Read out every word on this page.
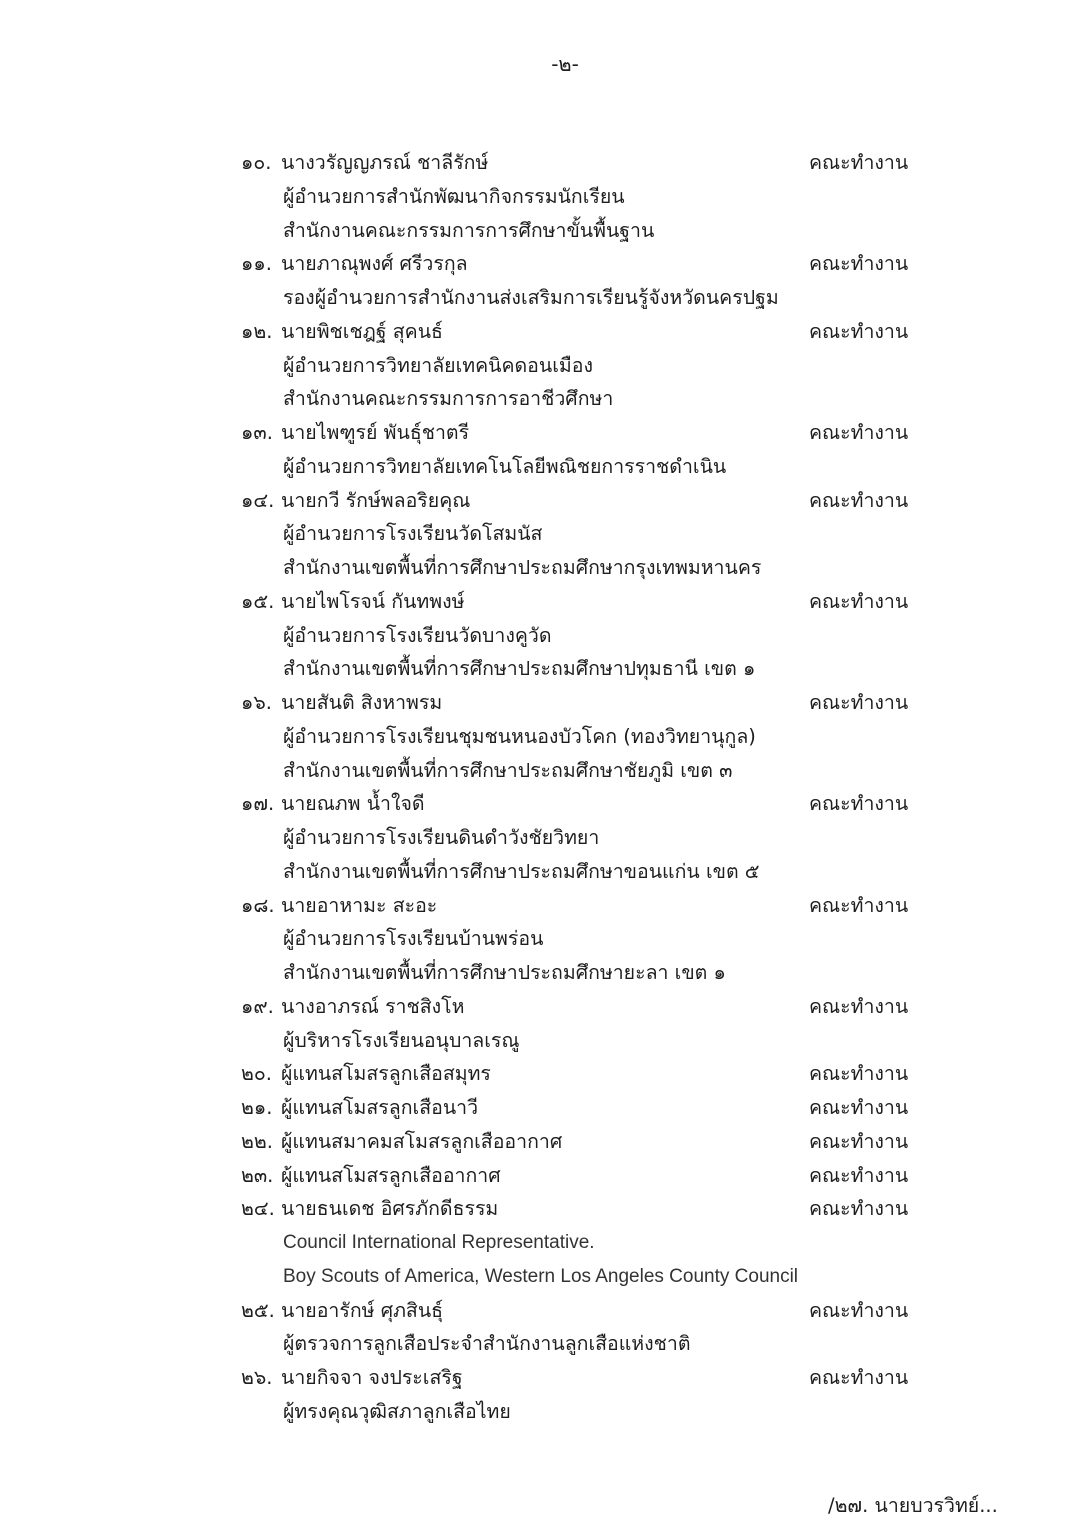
-๒-
๑๐. นางวรัญญภรณ์ ชาลีรักษ์	คณะทำงาน
ผู้อำนวยการสำนักพัฒนากิจกรรมนักเรียน
สำนักงานคณะกรรมการการศึกษาขั้นพื้นฐาน
๑๑. นายภาณุพงศ์ ศรีวรกุล	คณะทำงาน
รองผู้อำนวยการสำนักงานส่งเสริมการเรียนรู้จังหวัดนครปฐม
๑๒. นายพิชเชฎฐ์ สุคนธ์	คณะทำงาน
ผู้อำนวยการวิทยาลัยเทคนิคดอนเมือง
สำนักงานคณะกรรมการการอาชีวศึกษา
๑๓. นายไพฑูรย์ พันธุ์ชาตรี	คณะทำงาน
ผู้อำนวยการวิทยาลัยเทคโนโลยีพณิชยการราชดำเนิน
๑๔. นายกวี รักษ์พลอริยคุณ	คณะทำงาน
ผู้อำนวยการโรงเรียนวัดโสมนัส
สำนักงานเขตพื้นที่การศึกษาประถมศึกษากรุงเทพมหานคร
๑๕. นายไพโรจน์ กันทพงษ์	คณะทำงาน
ผู้อำนวยการโรงเรียนวัดบางคูวัด
สำนักงานเขตพื้นที่การศึกษาประถมศึกษาปทุมธานี เขต ๑
๑๖. นายสันติ สิงหาพรม	คณะทำงาน
ผู้อำนวยการโรงเรียนชุมชนหนองบัวโคก (ทองวิทยานุกูล)
สำนักงานเขตพื้นที่การศึกษาประถมศึกษาชัยภูมิ เขต ๓
๑๗. นายณภพ น้ำใจดี	คณะทำงาน
ผู้อำนวยการโรงเรียนดินดำวังชัยวิทยา
สำนักงานเขตพื้นที่การศึกษาประถมศึกษาขอนแก่น เขต ๕
๑๘. นายอาหามะ สะอะ	คณะทำงาน
ผู้อำนวยการโรงเรียนบ้านพร่อน
สำนักงานเขตพื้นที่การศึกษาประถมศึกษายะลา เขต ๑
๑๙. นางอาภรณ์ ราชสิงโห	คณะทำงาน
ผู้บริหารโรงเรียนอนุบาลเรณู
๒๐. ผู้แทนสโมสรลูกเสือสมุทร	คณะทำงาน
๒๑. ผู้แทนสโมสรลูกเสือนาวี	คณะทำงาน
๒๒. ผู้แทนสมาคมสโมสรลูกเสืออากาศ	คณะทำงาน
๒๓. ผู้แทนสโมสรลูกเสืออากาศ	คณะทำงาน
๒๔. นายธนเดช อิศรภักดีธรรม	คณะทำงาน
Council International Representative.
Boy Scouts of America, Western Los Angeles County Council
๒๕. นายอารักษ์ ศุภสินธุ์	คณะทำงาน
ผู้ตรวจการลูกเสือประจำสำนักงานลูกเสือแห่งชาติ
๒๖. นายกิจจา จงประเสริฐ	คณะทำงาน
ผู้ทรงคุณวุฒิสภาลูกเสือไทย
/๒๗. นายบวรวิทย์...
